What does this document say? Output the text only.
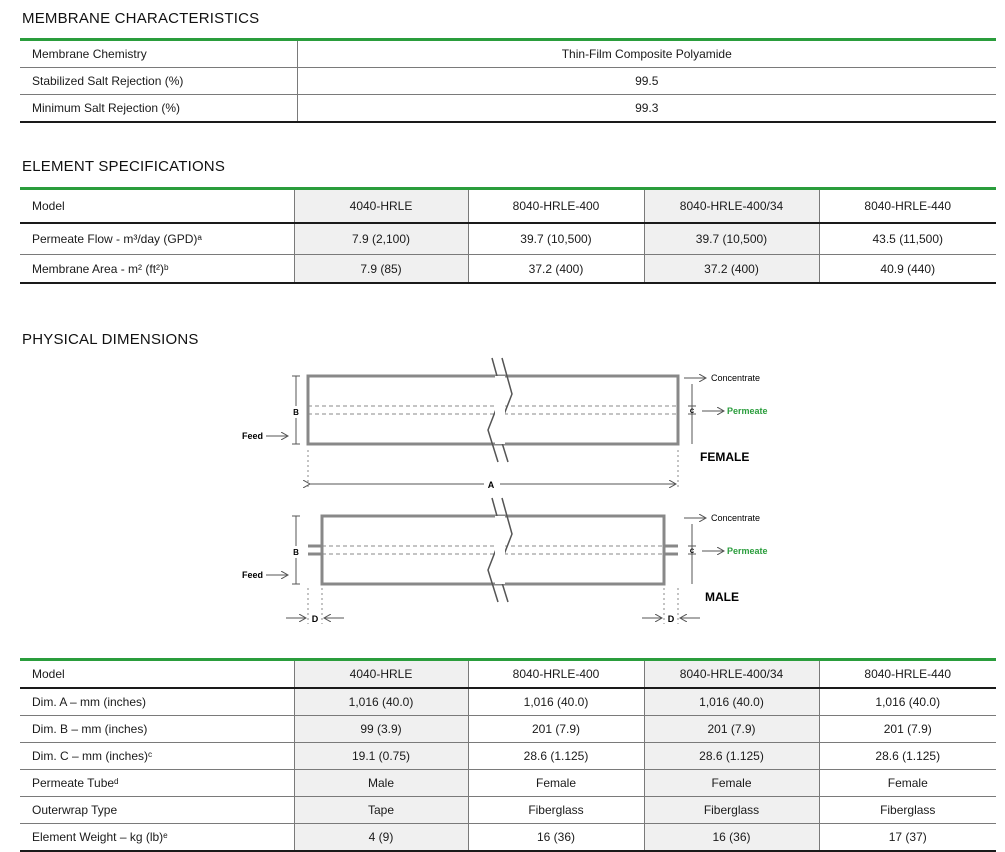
MEMBRANE CHARACTERISTICS
Membrane Chemistry	Thin-Film Composite Polyamide
Stabilized Salt Rejection (%)	99.5
Minimum Salt Rejection (%)	99.3
ELEMENT SPECIFICATIONS
Model	4040-HRLE	8040-HRLE-400	8040-HRLE-400/34	8040-HRLE-440
Permeate Flow - m³/day (GPD)ᵃ	7.9 (2,100)	39.7 (10,500)	39.7 (10,500)	43.5 (11,500)
Membrane Area - m² (ft²)ᵇ	7.9 (85)	37.2 (400)	37.2 (400)	40.9 (440)
PHYSICAL DIMENSIONS
B
Feed
C
Concentrate
Permeate
FEMALE
A
B
Feed
C
Concentrate
Permeate
MALE
D	D
Model	4040-HRLE	8040-HRLE-400	8040-HRLE-400/34	8040-HRLE-440
Dim. A – mm (inches)	1,016 (40.0)	1,016 (40.0)	1,016 (40.0)	1,016 (40.0)
Dim. B – mm (inches)	99 (3.9)	201 (7.9)	201 (7.9)	201 (7.9)
Dim. C – mm (inches)ᶜ	19.1 (0.75)	28.6 (1.125)	28.6 (1.125)	28.6 (1.125)
Permeate Tubeᵈ	Male	Female	Female	Female
Outerwrap Type	Tape	Fiberglass	Fiberglass	Fiberglass
Element Weight – kg (lb)ᵉ	4 (9)	16 (36)	16 (36)	17 (37)
